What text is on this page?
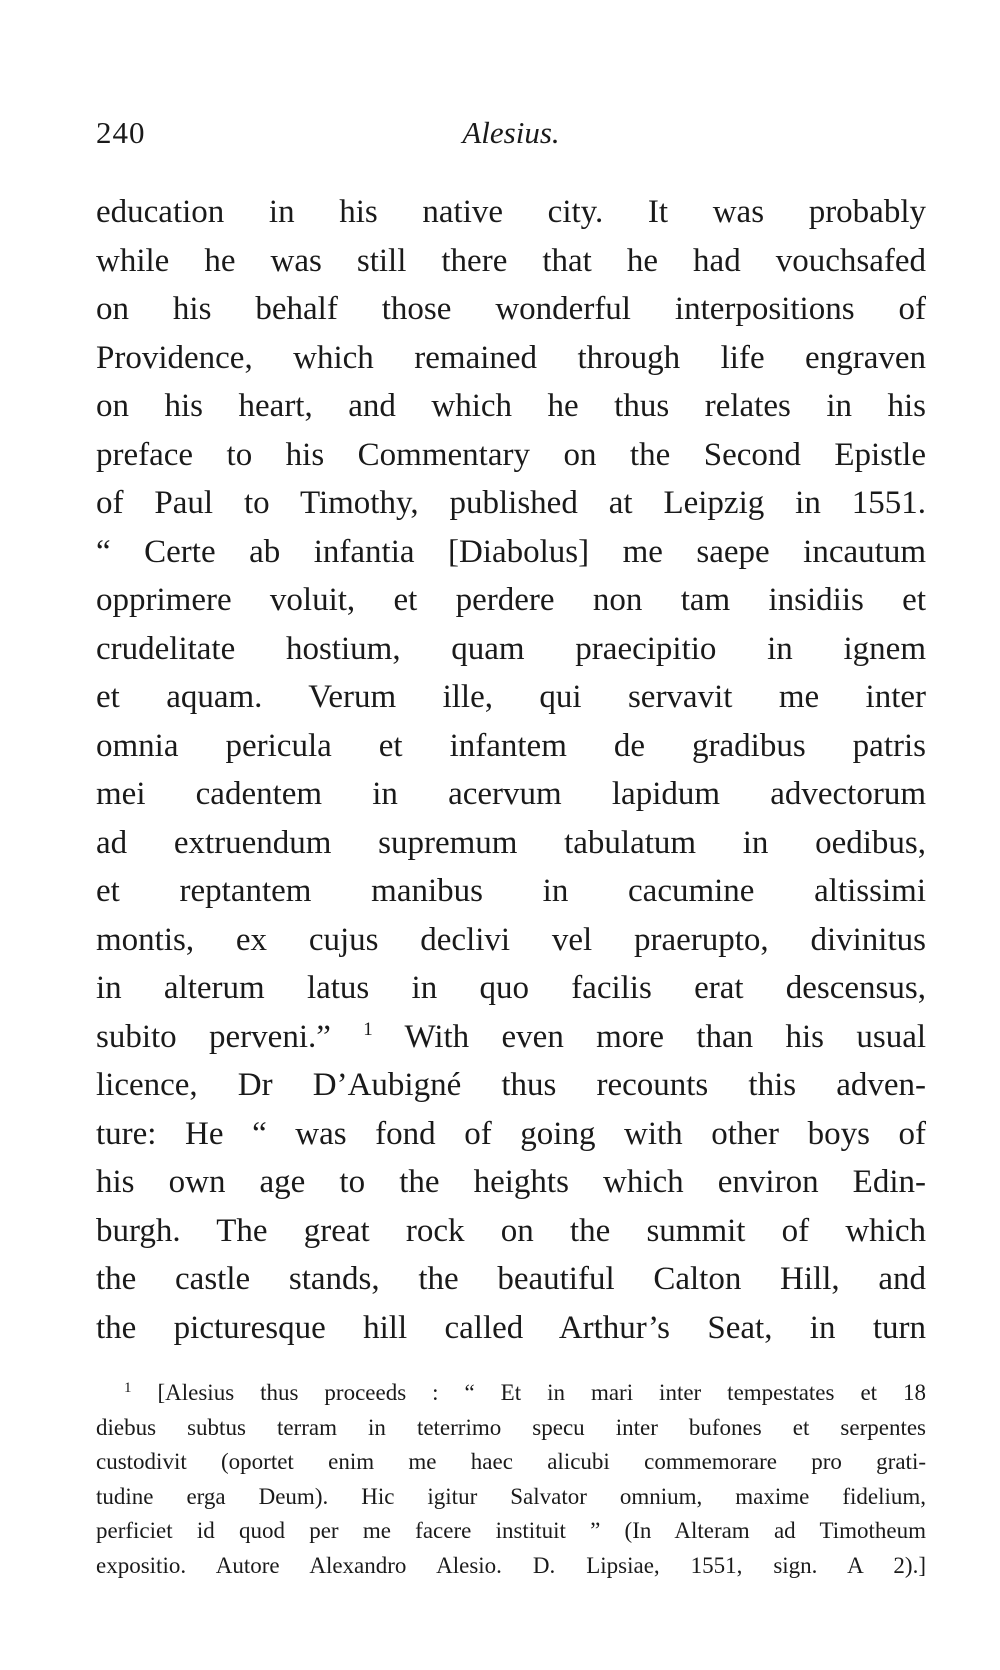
240	Alesius.
education in his native city. It was probably
while he was still there that he had vouchsafed
on his behalf those wonderful interpositions of
Providence, which remained through life engraven
on his heart, and which he thus relates in his
preface to his Commentary on the Second Epistle
of Paul to Timothy, published at Leipzig in 1551.
“ Certe ab infantia [Diabolus] me saepe incautum
opprimere voluit, et perdere non tam insidiis et
crudelitate hostium, quam praecipitio in ignem
et aquam. Verum ille, qui servavit me inter
omnia pericula et infantem de gradibus patris
mei cadentem in acervum lapidum advectorum
ad extruendum supremum tabulatum in oedibus,
et reptantem manibus in cacumine altissimi
montis, ex cujus declivi vel praerupto, divinitus
in alterum latus in quo facilis erat descensus,
subito perveni.” $^1$ With even more than his usual
licence, Dr D’Aubigné thus recounts this adven-
ture: He “ was fond of going with other boys of
his own age to the heights which environ Edin-
burgh. The great rock on the summit of which
the castle stands, the beautiful Calton Hill, and
the picturesque hill called Arthur’s Seat, in turn
$^1$ [Alesius thus proceeds : “ Et in mari inter tempestates et 18
diebus subtus terram in teterrimo specu inter bufones et serpentes
custodivit (oportet enim me haec alicubi commemorare pro grati-
tudine erga Deum). Hic igitur Salvator omnium, maxime fidelium,
perficiet id quod per me facere instituit ” (In Alteram ad Timotheum
expositio. Autore Alexandro Alesio. D. Lipsiae, 1551, sign. A 2).]
